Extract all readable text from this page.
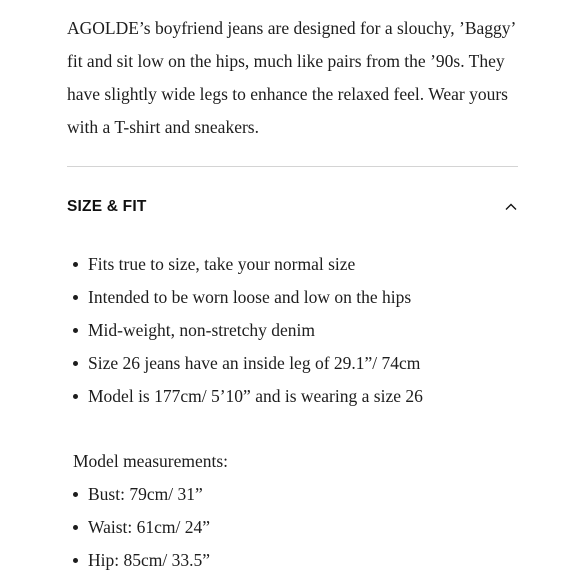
AGOLDE’s boyfriend jeans are designed for a slouchy, ’Baggy’ fit and sit low on the hips, much like pairs from the ’90s. They have slightly wide legs to enhance the relaxed feel. Wear yours with a T-shirt and sneakers.

SIZE & FIT
Fits true to size, take your normal size
Intended to be worn loose and low on the hips
Mid-weight, non-stretchy denim
Size 26 jeans have an inside leg of 29.1”/ 74cm
Model is 177cm/ 5’10” and is wearing a size 26

Model measurements:

Bust: 79cm/ 31”
Waist: 61cm/ 24”
Hip: 85cm/ 33.5”
